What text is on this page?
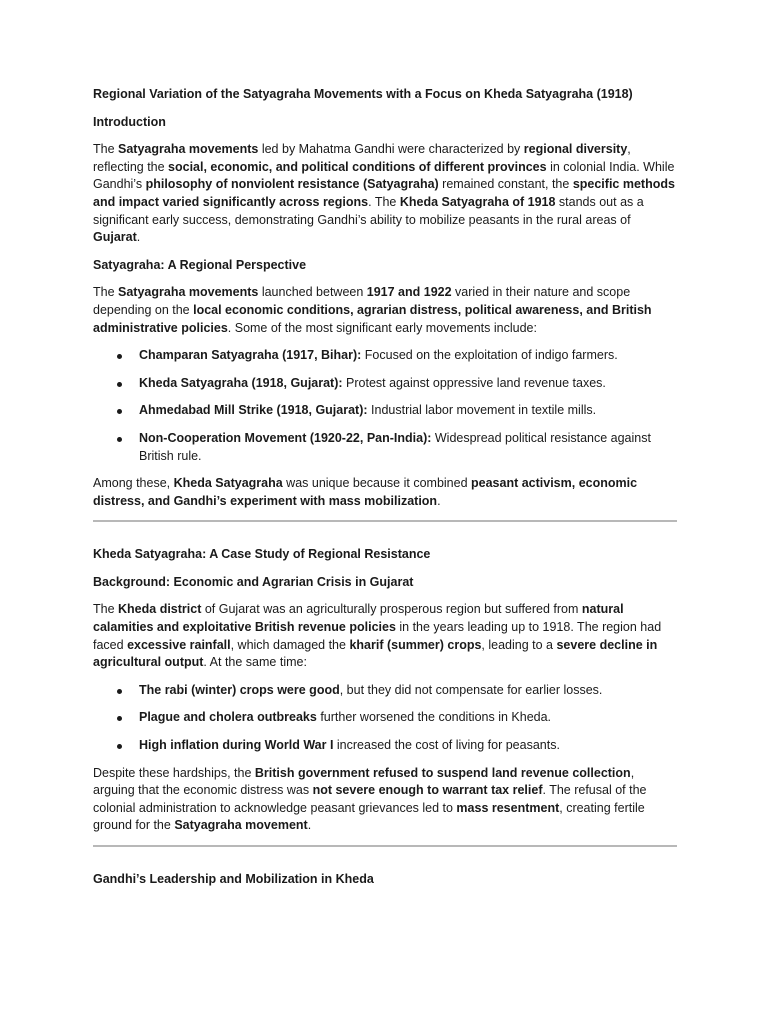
Regional Variation of the Satyagraha Movements with a Focus on Kheda Satyagraha (1918)

Introduction

The Satyagraha movements led by Mahatma Gandhi were characterized by regional diversity, reflecting the social, economic, and political conditions of different provinces in colonial India. While Gandhi’s philosophy of nonviolent resistance (Satyagraha) remained constant, the specific methods and impact varied significantly across regions. The Kheda Satyagraha of 1918 stands out as a significant early success, demonstrating Gandhi’s ability to mobilize peasants in the rural areas of Gujarat.

Satyagraha: A Regional Perspective

The Satyagraha movements launched between 1917 and 1922 varied in their nature and scope depending on the local economic conditions, agrarian distress, political awareness, and British administrative policies. Some of the most significant early movements include:

Champaran Satyagraha (1917, Bihar): Focused on the exploitation of indigo farmers.
Kheda Satyagraha (1918, Gujarat): Protest against oppressive land revenue taxes.
Ahmedabad Mill Strike (1918, Gujarat): Industrial labor movement in textile mills.
Non-Cooperation Movement (1920-22, Pan-India): Widespread political resistance against British rule.

Among these, Kheda Satyagraha was unique because it combined peasant activism, economic distress, and Gandhi’s experiment with mass mobilization.

Kheda Satyagraha: A Case Study of Regional Resistance

Background: Economic and Agrarian Crisis in Gujarat

The Kheda district of Gujarat was an agriculturally prosperous region but suffered from natural calamities and exploitative British revenue policies in the years leading up to 1918. The region had faced excessive rainfall, which damaged the kharif (summer) crops, leading to a severe decline in agricultural output. At the same time:

The rabi (winter) crops were good, but they did not compensate for earlier losses.
Plague and cholera outbreaks further worsened the conditions in Kheda.
High inflation during World War I increased the cost of living for peasants.

Despite these hardships, the British government refused to suspend land revenue collection, arguing that the economic distress was not severe enough to warrant tax relief. The refusal of the colonial administration to acknowledge peasant grievances led to mass resentment, creating fertile ground for the Satyagraha movement.

Gandhi’s Leadership and Mobilization in Kheda
